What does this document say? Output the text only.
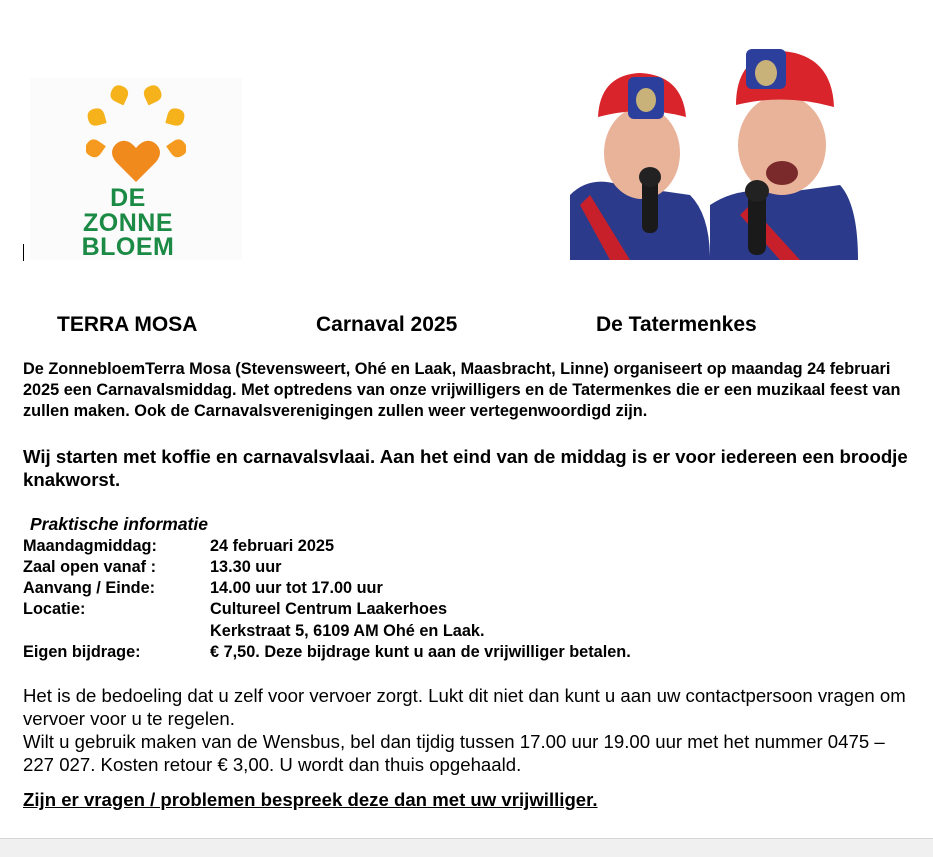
DE
ZONNE
BLOEM
TERRA MOSA	Carnaval 2025	De Tatermenkes
De ZonnebloemTerra Mosa (Stevensweert, Ohé en Laak, Maasbracht, Linne) organiseert op maandag 24 februari 2025 een Carnavalsmiddag. Met optredens van onze vrijwilligers en de Tatermenkes die er een muzikaal feest van zullen maken. Ook de Carnavalsverenigingen zullen weer vertegenwoordigd zijn.
Wij starten met koffie en carnavalsvlaai. Aan het eind van de middag is er voor iedereen een broodje knakworst.
Praktische informatie
Maandagmiddag:	24 februari 2025
Zaal open vanaf :	13.30 uur
Aanvang / Einde:	14.00 uur tot 17.00 uur
Locatie:	Cultureel Centrum Laakerhoes
Kerkstraat 5, 6109 AM Ohé en Laak.
Eigen bijdrage:	€ 7,50. Deze bijdrage kunt u aan de vrijwilliger betalen.
Het is de bedoeling dat u zelf voor vervoer zorgt. Lukt dit niet dan kunt u aan uw contactpersoon vragen om vervoer voor u te regelen.
Wilt u gebruik maken van de Wensbus, bel dan tijdig tussen 17.00 uur 19.00 uur met het nummer 0475 – 227 027. Kosten retour € 3,00. U wordt dan thuis opgehaald.
Zijn er vragen / problemen bespreek deze dan met uw vrijwilliger.
